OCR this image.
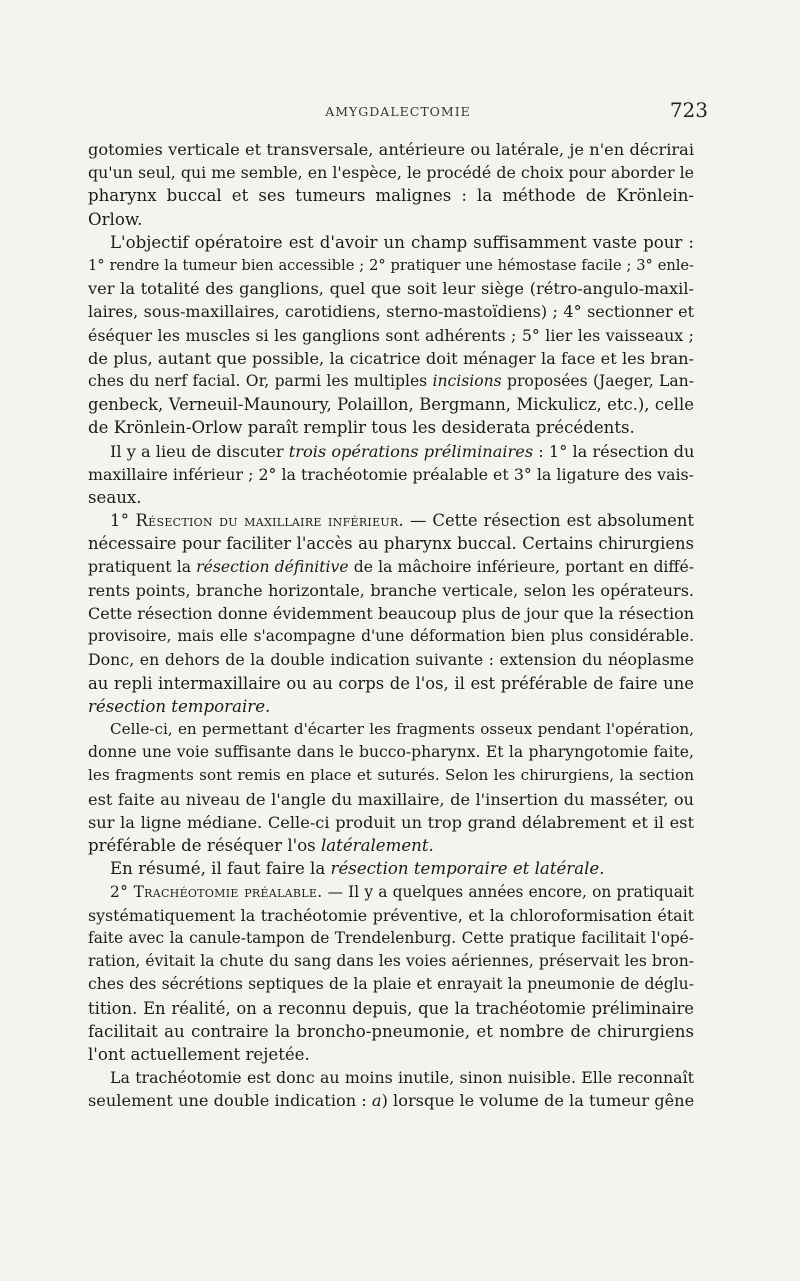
AMYGDALECTOMIE	723

gotomies verticale et transversale, antérieure ou latérale, je n'en décrirai
qu'un seul, qui me semble, en l'espèce, le procédé de choix pour aborder le
pharynx buccal et ses tumeurs malignes : la méthode de Krönlein-
Orlow.

L'objectif opératoire est d'avoir un champ suffisamment vaste pour :
1° rendre la tumeur bien accessible ; 2° pratiquer une hémostase facile ; 3° enle-
ver la totalité des ganglions, quel que soit leur siège (rétro-angulo-maxil-
laires, sous-maxillaires, carotidiens, sterno-mastoïdiens) ; 4° sectionner et
éséquer les muscles si les ganglions sont adhérents ; 5° lier les vaisseaux ;
de plus, autant que possible, la cicatrice doit ménager la face et les bran-
ches du nerf facial. Or, parmi les multiples incisions proposées (Jaeger, Lan-
genbeck, Verneuil-Maunoury, Polaillon, Bergmann, Mickulicz, etc.), celle
de Krönlein-Orlow paraît remplir tous les desiderata précédents.

Il y a lieu de discuter trois opérations préliminaires : 1° la résection du
maxillaire inférieur ; 2° la trachéotomie préalable et 3° la ligature des vais-
seaux.

1° Résection du maxillaire inférieur. — Cette résection est absolument
nécessaire pour faciliter l'accès au pharynx buccal. Certains chirurgiens
pratiquent la résection définitive de la mâchoire inférieure, portant en diffé-
rents points, branche horizontale, branche verticale, selon les opérateurs.
Cette résection donne évidemment beaucoup plus de jour que la résection
provisoire, mais elle s'acompagne d'une déformation bien plus considérable.
Donc, en dehors de la double indication suivante : extension du néoplasme
au repli intermaxillaire ou au corps de l'os, il est préférable de faire une
résection temporaire.

Celle-ci, en permettant d'écarter les fragments osseux pendant l'opération,
donne une voie suffisante dans le bucco-pharynx. Et la pharyngotomie faite,
les fragments sont remis en place et suturés. Selon les chirurgiens, la section
est faite au niveau de l'angle du maxillaire, de l'insertion du masséter, ou
sur la ligne médiane. Celle-ci produit un trop grand délabrement et il est
préférable de réséquer l'os latéralement.

En résumé, il faut faire la résection temporaire et latérale.

2° Trachéotomie préalable. — Il y a quelques années encore, on pratiquait
systématiquement la trachéotomie préventive, et la chloroformisation était
faite avec la canule-tampon de Trendelenburg. Cette pratique facilitait l'opé-
ration, évitait la chute du sang dans les voies aériennes, préservait les bron-
ches des sécrétions septiques de la plaie et enrayait la pneumonie de déglu-
tition. En réalité, on a reconnu depuis, que la trachéotomie préliminaire
facilitait au contraire la broncho-pneumonie, et nombre de chirurgiens
l'ont actuellement rejetée.

La trachéotomie est donc au moins inutile, sinon nuisible. Elle reconnaît
seulement une double indication : a) lorsque le volume de la tumeur gêne
